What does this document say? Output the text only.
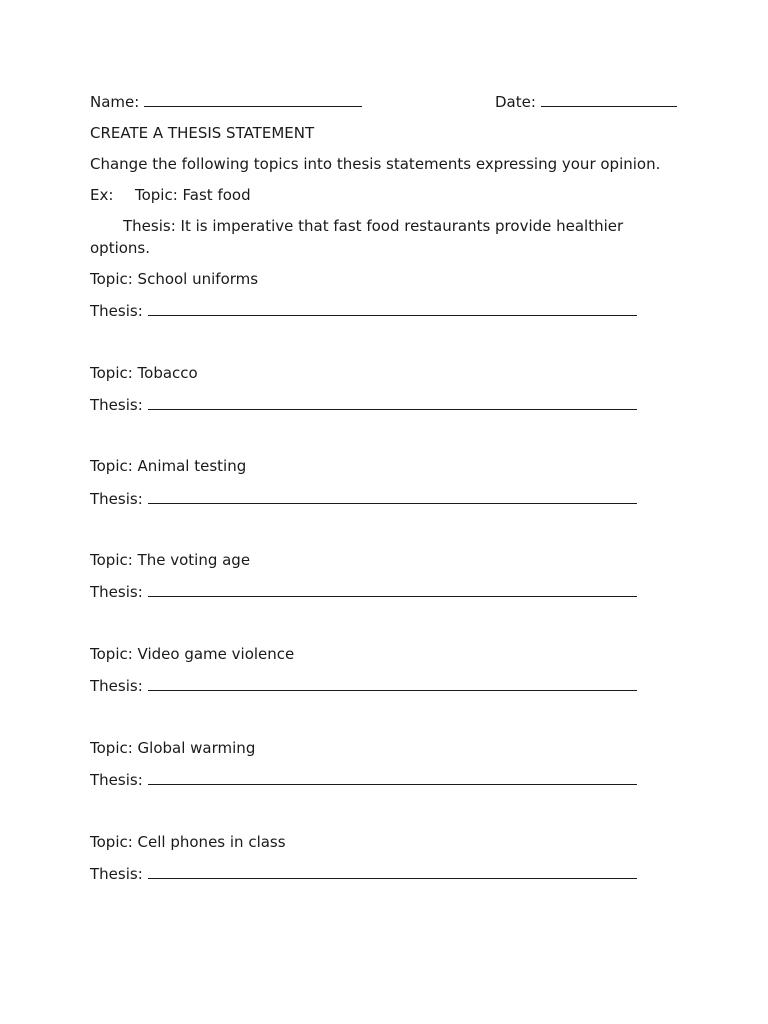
Name:	Date:
CREATE A THESIS STATEMENT
Change the following topics into thesis statements expressing your opinion.
Ex: Topic: Fast food
Thesis: It is imperative that fast food restaurants provide healthier options.
Topic: School uniforms
Thesis:
Topic: Tobacco
Thesis:
Topic: Animal testing
Thesis:
Topic: The voting age
Thesis:
Topic: Video game violence
Thesis:
Topic: Global warming
Thesis:
Topic: Cell phones in class
Thesis:
